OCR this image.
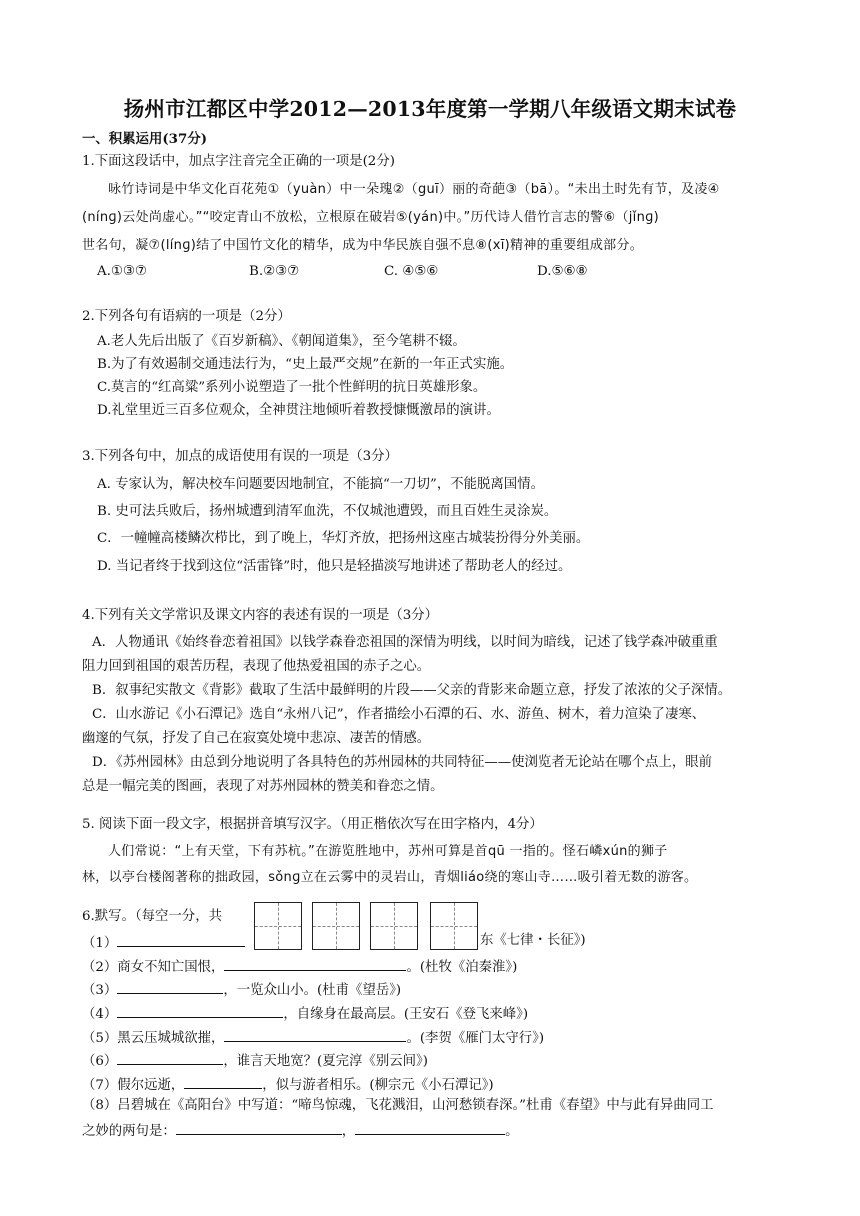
扬州市江都区中学2012—2013年度第一学期八年级语文期末试卷
一、积累运用(37分)
1.下面这段话中，加点字注音完全正确的一项是(2分)
咏竹诗词是中华文化百花苑①（yuàn）中一朵瑰②（guī）丽的奇葩③（bā）。“未出土时先有节，及凌④
(nínɡ)云处尚虚心。”“咬定青山不放松，立根原在破岩⑤(yán)中。”历代诗人借竹言志的警⑥（jǐnɡ)
世名句，凝⑦(línɡ)结了中国竹文化的精华，成为中华民族自强不息⑧(xī)精神的重要组成部分。
A.①③⑦	B.②③⑦	C. ④⑤⑥	D.⑤⑥⑧
2.下列各句有语病的一项是（2分）
A.老人先后出版了《百岁新稿》、《朝闻道集》，至今笔耕不辍。
B.为了有效遏制交通违法行为，“史上最严交规”在新的一年正式实施。
C.莫言的“红高粱”系列小说塑造了一批个性鲜明的抗日英雄形象。
D.礼堂里近三百多位观众，全神贯注地倾听着教授慷慨激昂的演讲。
3.下列各句中，加点的成语使用有误的一项是（3分）
A. 专家认为，解决校车问题要因地制宜，不能搞“一刀切”，不能脱离国情。
B. 史可法兵败后，扬州城遭到清军血洗，不仅城池遭毁，而且百姓生灵涂炭。
C．一幢幢高楼鳞次栉比，到了晚上，华灯齐放，把扬州这座古城装扮得分外美丽。
D. 当记者终于找到这位“活雷锋”时，他只是轻描淡写地讲述了帮助老人的经过。
4.下列有关文学常识及课文内容的表述有误的一项是（3分）
A．人物通讯《始终眷恋着祖国》以钱学森眷恋祖国的深情为明线，以时间为暗线，记述了钱学森冲破重重
阻力回到祖国的艰苦历程，表现了他热爱祖国的赤子之心。
B．叙事纪实散文《背影》截取了生活中最鲜明的片段——父亲的背影来命题立意，抒发了浓浓的父子深情。
C．山水游记《小石潭记》选自“永州八记”，作者描绘小石潭的石、水、游鱼、树木，着力渲染了凄寒、
幽邃的气氛，抒发了自己在寂寞处境中悲凉、凄苦的情感。
D．《苏州园林》由总到分地说明了各具特色的苏州园林的共同特征——使浏览者无论站在哪个点上，眼前
总是一幅完美的图画，表现了对苏州园林的赞美和眷恋之情。
5. 阅读下面一段文字，根据拼音填写汉字。（用正楷依次写在田字格内，4分）
人们常说：“上有天堂，下有苏杭。”在游览胜地中，苏州可算是首qū 一指的。怪石嶙xún的狮子
林，以亭台楼阁著称的拙政园，sǒnɡ立在云雾中的灵岩山，青烟liáo绕的寒山寺……吸引着无数的游客。
6.默写。（每空一分，共
（1）	东《七律・长征》)
（2）商女不知亡国恨，	。(杜牧《泊秦淮》)
（3）	，一览众山小。(杜甫《望岳》)
（4）	，自缘身在最高层。(王安石《登飞来峰》)
（5）黑云压城城欲摧，	。(李贺《雁门太守行》)
（6）	，谁言天地宽？(夏完淳《别云间》)
（7）假尔远逝，	，似与游者相乐。(柳宗元《小石潭记》)
（8）吕碧城在《高阳台》中写道：“啼鸟惊魂，飞花溅泪，山河愁锁春深。”杜甫《春望》中与此有异曲同工
之妙的两句是：	，	。
